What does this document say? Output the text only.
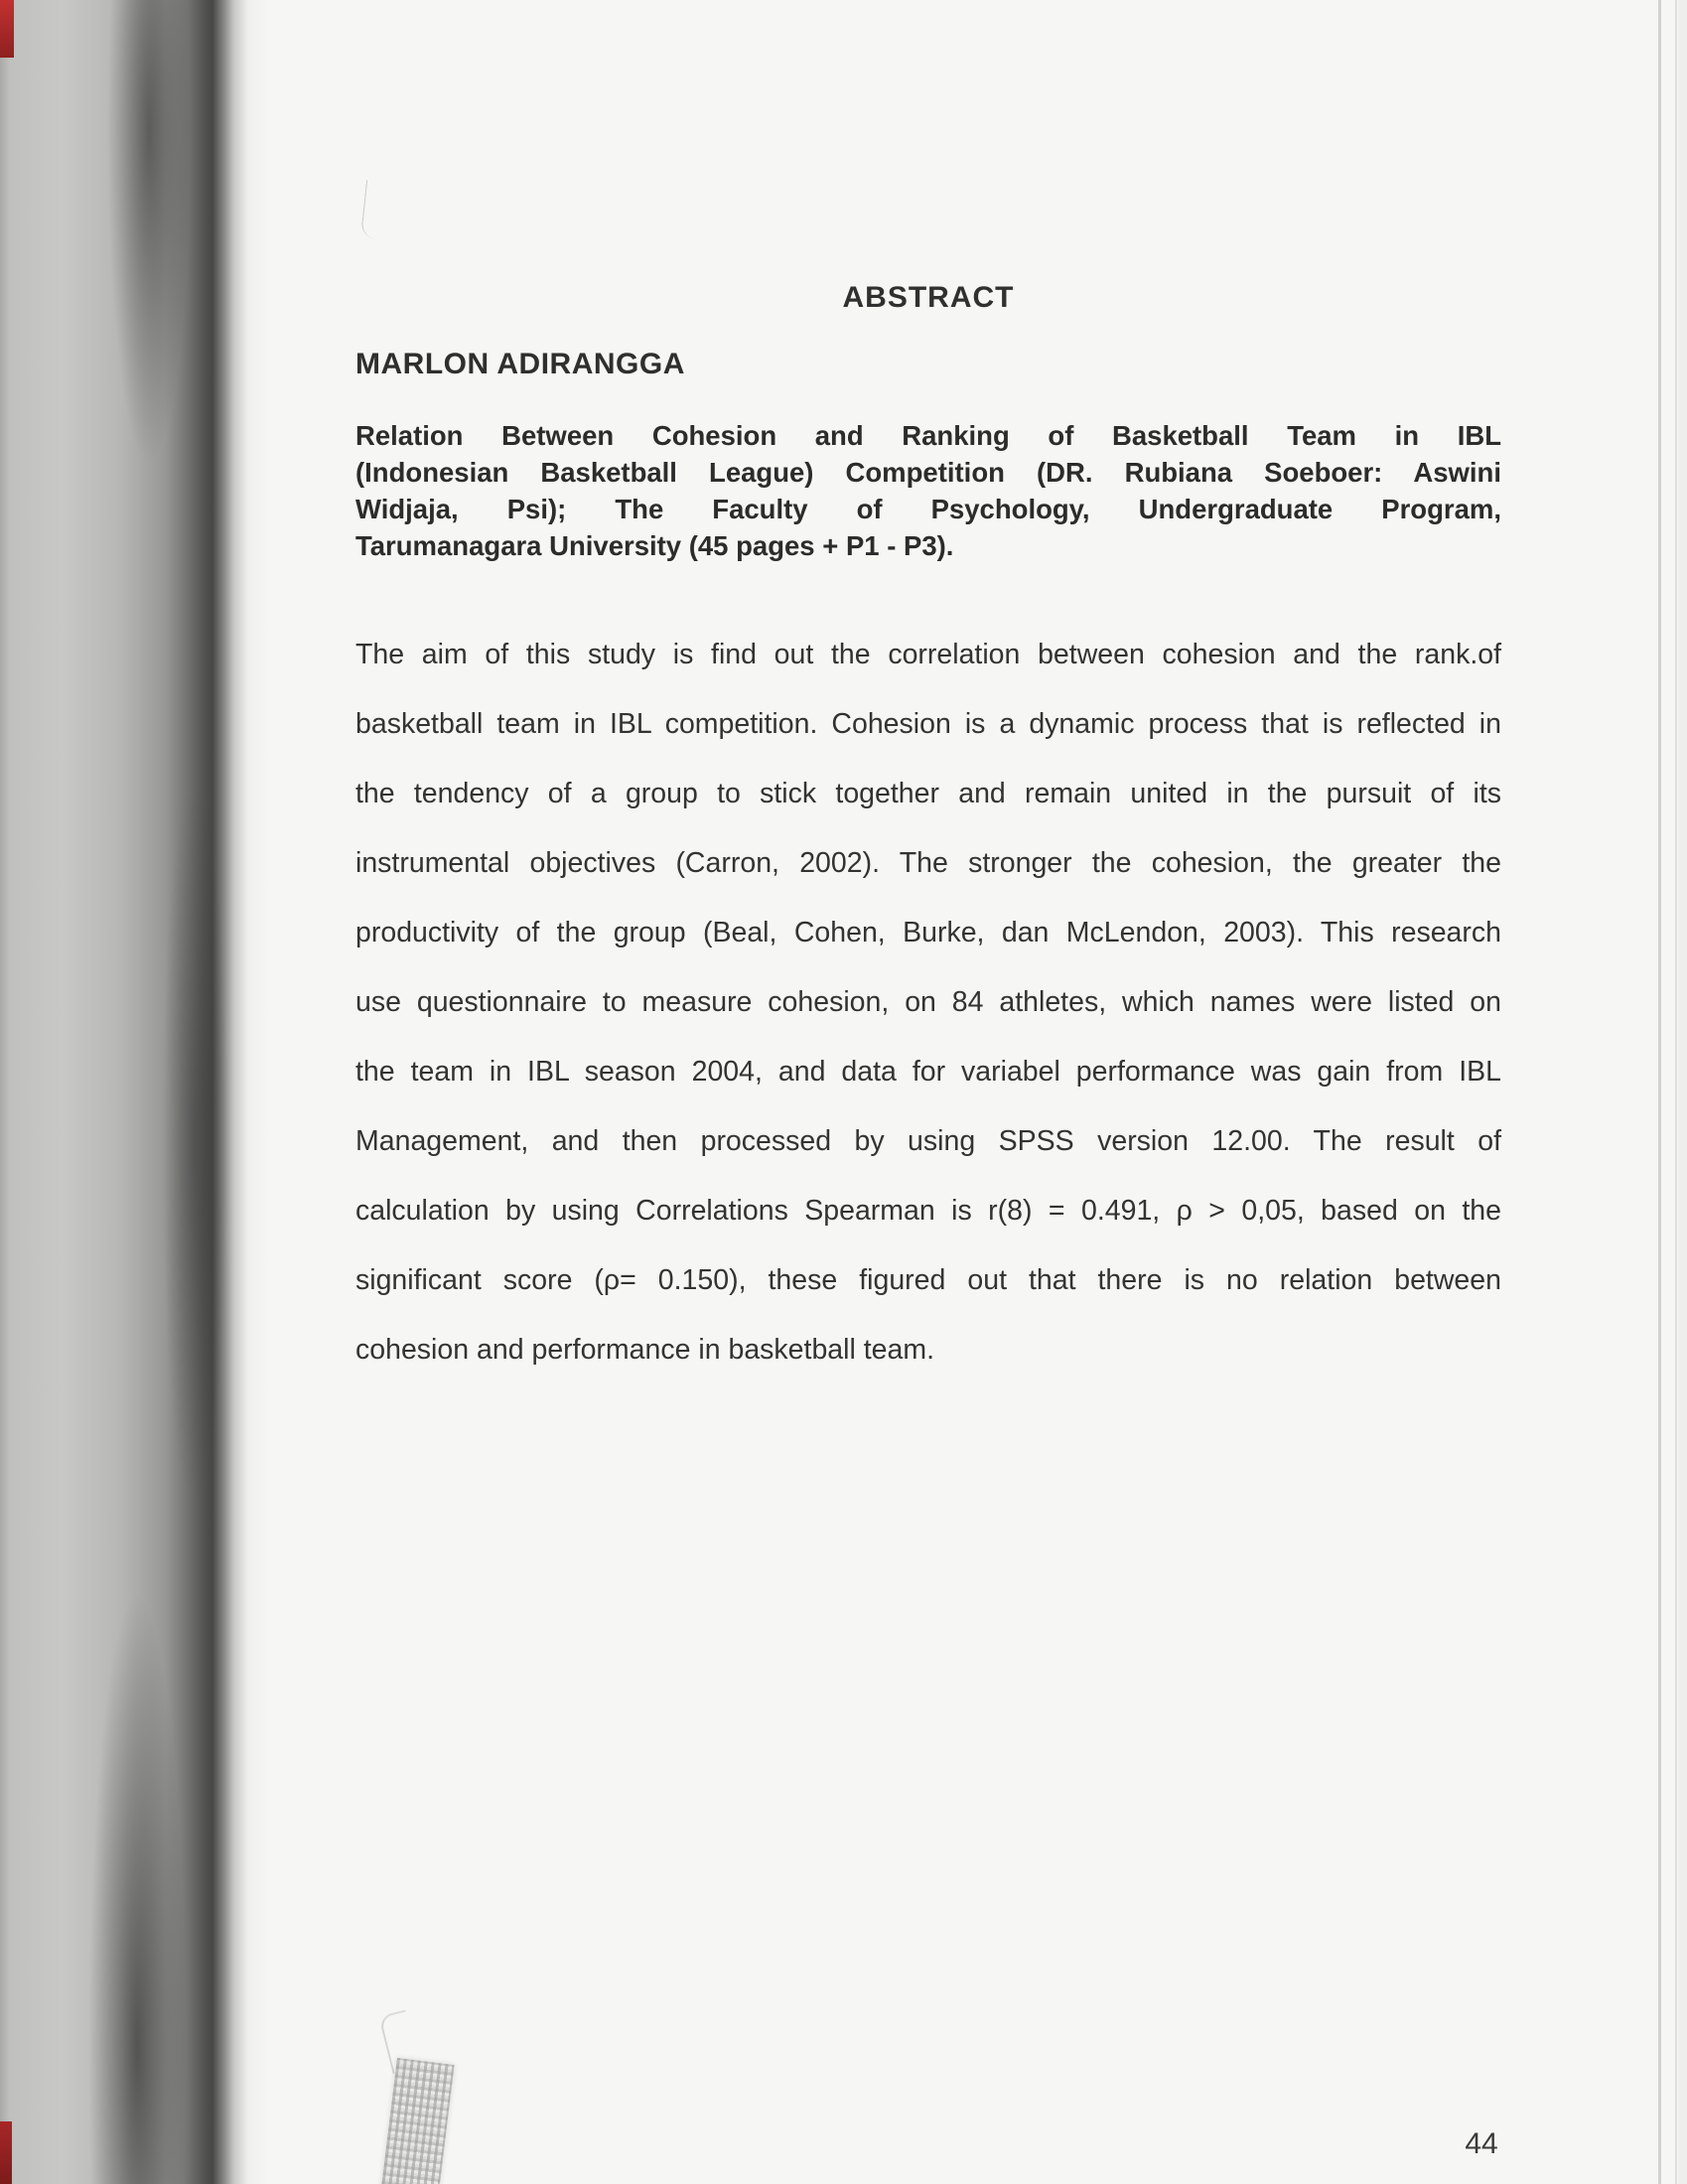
ABSTRACT
MARLON ADIRANGGA
Relation Between Cohesion and Ranking of Basketball Team in IBL
(Indonesian Basketball League) Competition (DR. Rubiana Soeboer: Aswini
Widjaja, Psi); The Faculty of Psychology, Undergraduate Program,
Tarumanagara University (45 pages + P1 - P3).
The aim of this study is find out the correlation between cohesion and the rank.of
basketball team in IBL competition. Cohesion is a dynamic process that is reflected in
the tendency of a group to stick together and remain united in the pursuit of its
instrumental objectives (Carron, 2002). The stronger the cohesion, the greater the
productivity of the group (Beal, Cohen, Burke, dan McLendon, 2003). This research
use questionnaire to measure cohesion, on 84 athletes, which names were listed on
the team in IBL season 2004, and data for variabel performance was gain from IBL
Management, and then processed by using SPSS version 12.00. The result of
calculation by using Correlations Spearman is r(8) = 0.491, ρ > 0,05, based on the
significant score (ρ= 0.150), these figured out that there is no relation between
cohesion and performance in basketball team.
44
